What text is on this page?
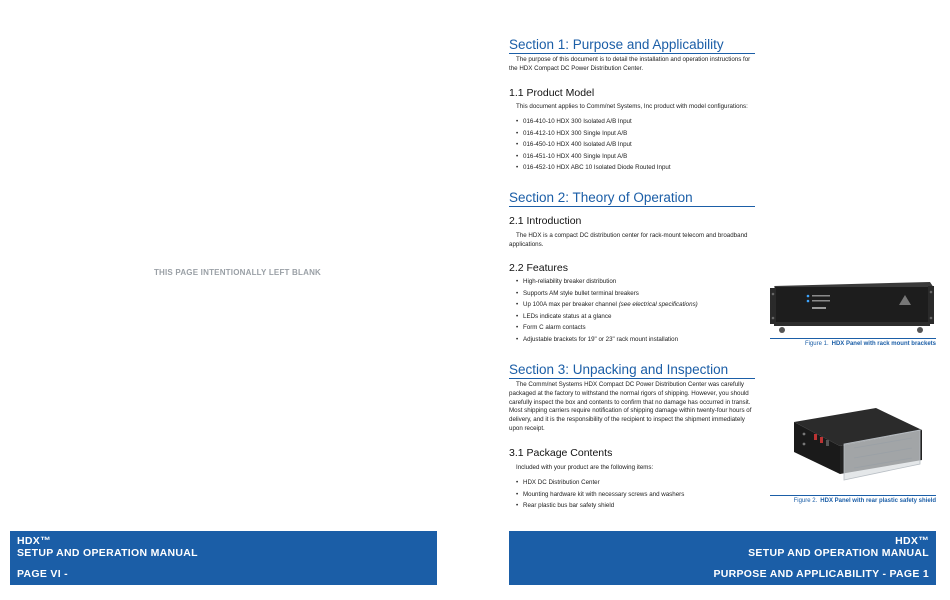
THIS PAGE INTENTIONALLY LEFT BLANK
HDX™
SETUP AND OPERATION MANUAL
PAGE VI -
Section 1: Purpose and Applicability
The purpose of this document is to detail the installation and operation instructions for the HDX Compact DC Power Distribution Center.
1.1 Product Model
This document applies to Comm/net Systems, Inc product with model configurations:
• 016-410-10 HDX 300 Isolated A/B Input
• 016-412-10 HDX 300 Single Input A/B
• 016-450-10 HDX 400 Isolated A/B Input
• 016-451-10 HDX 400 Single Input A/B
• 016-452-10 HDX ABC 10 Isolated Diode Routed Input
Section 2: Theory of Operation
2.1 Introduction
The HDX is a compact DC distribution center for rack-mount telecom and broadband applications.
2.2 Features
• High-reliability breaker distribution
• Supports AM style bullet terminal breakers
• Up 100A max per breaker channel (see electrical specifications)
• LEDs indicate status at a glance
• Form C alarm contacts
• Adjustable brackets for 19" or 23" rack mount installation
Section 3: Unpacking and Inspection
The Comm/net Systems HDX Compact DC Power Distribution Center was carefully packaged at the factory to withstand the normal rigors of shipping. However, you should carefully inspect the box and contents to confirm that no damage has occurred in transit. Most shipping carriers require notification of shipping damage within twenty-four hours of delivery, and it is the responsibility of the recipient to inspect the shipment immediately upon receipt.
3.1 Package Contents
Included with your product are the following items:
• HDX DC Distribution Center
• Mounting hardware kit with necessary screws and washers
• Rear plastic bus bar safety shield
Figure 1. HDX Panel with rack mount brackets
Figure 2. HDX Panel with rear plastic safety shield
HDX™
SETUP AND OPERATION MANUAL
PURPOSE AND APPLICABILITY - PAGE 1
